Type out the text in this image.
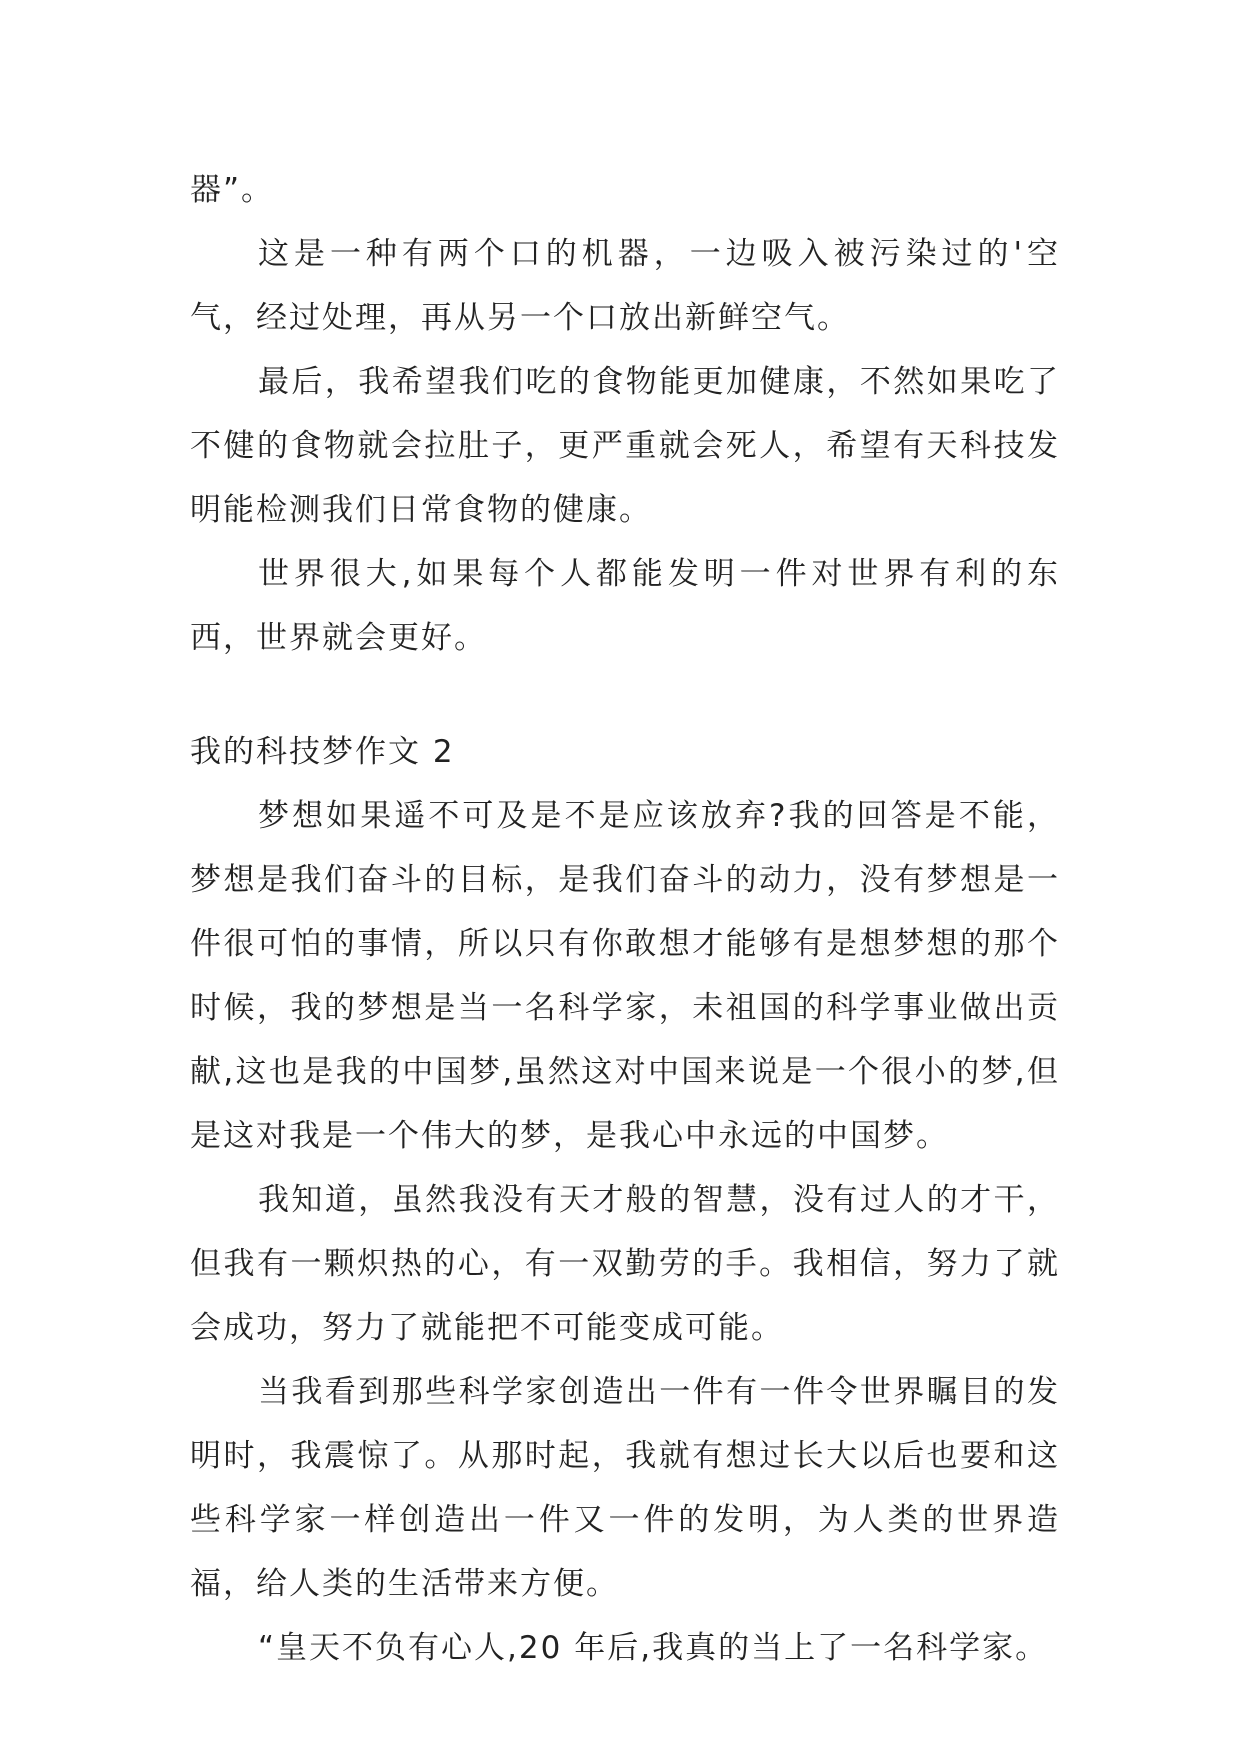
器”。

这是一种有两个口的机器，一边吸入被污染过的'空气，经过处理，再从另一个口放出新鲜空气。

最后，我希望我们吃的食物能更加健康，不然如果吃了不健的食物就会拉肚子，更严重就会死人，希望有天科技发明能检测我们日常食物的健康。

世界很大,如果每个人都能发明一件对世界有利的东西，世界就会更好。

我的科技梦作文 2

梦想如果遥不可及是不是应该放弃?我的回答是不能，梦想是我们奋斗的目标，是我们奋斗的动力，没有梦想是一件很可怕的事情，所以只有你敢想才能够有是想梦想的那个时候，我的梦想是当一名科学家，未祖国的科学事业做出贡献,这也是我的中国梦,虽然这对中国来说是一个很小的梦,但是这对我是一个伟大的梦，是我心中永远的中国梦。

我知道，虽然我没有天才般的智慧，没有过人的才干，但我有一颗炽热的心，有一双勤劳的手。我相信，努力了就会成功，努力了就能把不可能变成可能。

当我看到那些科学家创造出一件有一件令世界瞩目的发明时，我震惊了。从那时起，我就有想过长大以后也要和这些科学家一样创造出一件又一件的发明，为人类的世界造福，给人类的生活带来方便。

“皇天不负有心人,20 年后,我真的当上了一名科学家。
